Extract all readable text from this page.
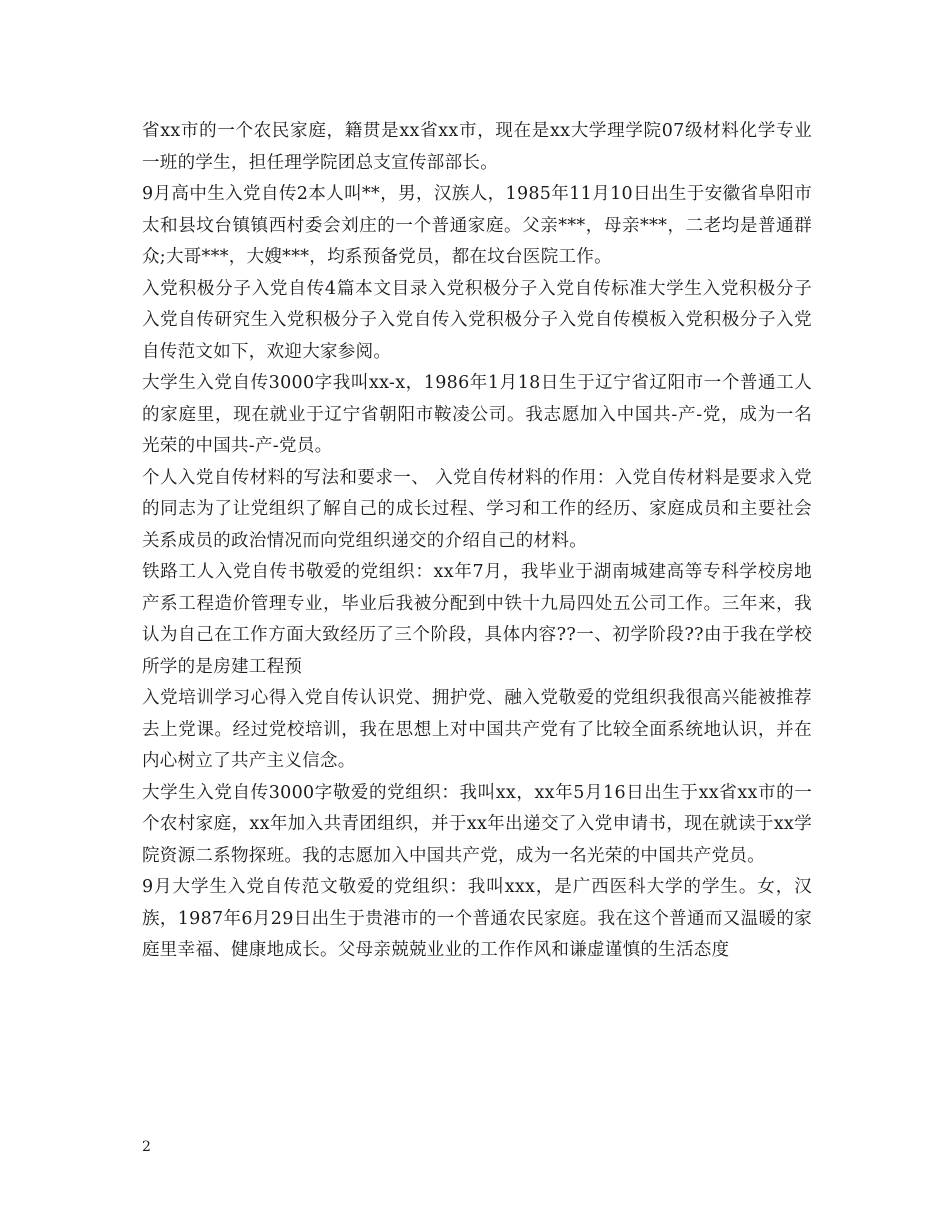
省xx市的一个农民家庭，籍贯是xx省xx市，现在是xx大学理学院07级材料化学专业一班的学生，担任理学院团总支宣传部部长。

9月高中生入党自传2本人叫**，男，汉族人，1985年11月10日出生于安徽省阜阳市太和县坟台镇镇西村委会刘庄的一个普通家庭。父亲***，母亲***，二老均是普通群众;大哥***，大嫂***，均系预备党员，都在坟台医院工作。

入党积极分子入党自传4篇本文目录入党积极分子入党自传标准大学生入党积极分子入党自传研究生入党积极分子入党自传入党积极分子入党自传模板入党积极分子入党自传范文如下，欢迎大家参阅。

大学生入党自传3000字我叫xx-x，1986年1月18日生于辽宁省辽阳市一个普通工人的家庭里，现在就业于辽宁省朝阳市鞍凌公司。我志愿加入中国共-产-党，成为一名光荣的中国共-产-党员。

个人入党自传材料的写法和要求一、 入党自传材料的作用：入党自传材料是要求入党的同志为了让党组织了解自己的成长过程、学习和工作的经历、家庭成员和主要社会关系成员的政治情况而向党组织递交的介绍自己的材料。

铁路工人入党自传书敬爱的党组织：xx年7月，我毕业于湖南城建高等专科学校房地产系工程造价管理专业，毕业后我被分配到中铁十九局四处五公司工作。三年来，我认为自己在工作方面大致经历了三个阶段，具体内容??一、初学阶段??由于我在学校所学的是房建工程预

入党培训学习心得入党自传认识党、拥护党、融入党敬爱的党组织我很高兴能被推荐去上党课。经过党校培训，我在思想上对中国共产党有了比较全面系统地认识，并在内心树立了共产主义信念。

大学生入党自传3000字敬爱的党组织：我叫xx，xx年5月16日出生于xx省xx市的一个农村家庭，xx年加入共青团组织，并于xx年出递交了入党申请书，现在就读于xx学院资源二系物探班。我的志愿加入中国共产党，成为一名光荣的中国共产党员。

9月大学生入党自传范文敬爱的党组织：我叫xxx，是广西医科大学的学生。女，汉族，1987年6月29日出生于贵港市的一个普通农民家庭。我在这个普通而又温暖的家庭里幸福、健康地成长。父母亲兢兢业业的工作作风和谦虚谨慎的生活态度

2
